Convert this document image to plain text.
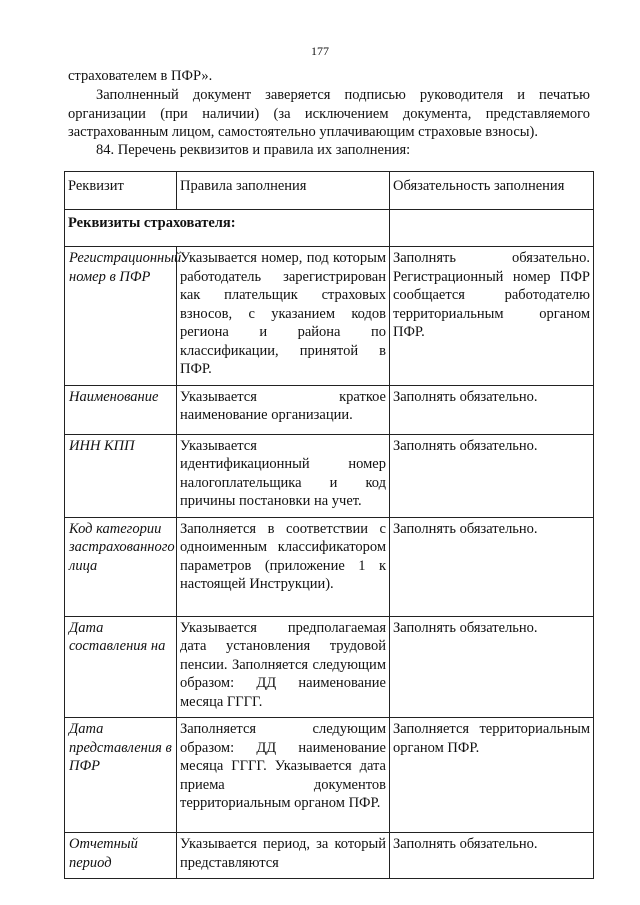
177

страхователем в ПФР».

Заполненный документ заверяется подписью руководителя и печатью организации (при наличии) (за исключением документа, представляемого застрахованным лицом, самостоятельно уплачивающим страховые взносы).

84. Перечень реквизитов и правила их заполнения:

Реквизит	Правила заполнения	Обязательность заполнения
Реквизиты страхователя:		
Регистрационный номер в ПФР	Указывается номер, под которым работодатель зарегистрирован как плательщик страховых взносов, с указанием кодов региона и района по классификации, принятой в ПФР.	Заполнять обязательно. Регистрационный номер ПФР сообщается работодателю территориальным органом ПФР.
Наименование	Указывается краткое наименование организации.	Заполнять обязательно.
ИНН КПП	Указывается идентификационный номер налогоплательщика и код причины постановки на учет.	Заполнять обязательно.
Код категории застрахованного лица	Заполняется в соответствии с одноименным классификатором параметров (приложение 1 к настоящей Инструкции).	Заполнять обязательно.
Дата составления на	Указывается предполагаемая дата установления трудовой пенсии. Заполняется следующим образом: ДД наименование месяца ГГГГ.	Заполнять обязательно.
Дата представления в ПФР	Заполняется следующим образом: ДД наименование месяца ГГГГ. Указывается дата приема документов территориальным органом ПФР.	Заполняется территориальным органом ПФР.
Отчетный период	Указывается период, за который представляются	Заполнять обязательно.
